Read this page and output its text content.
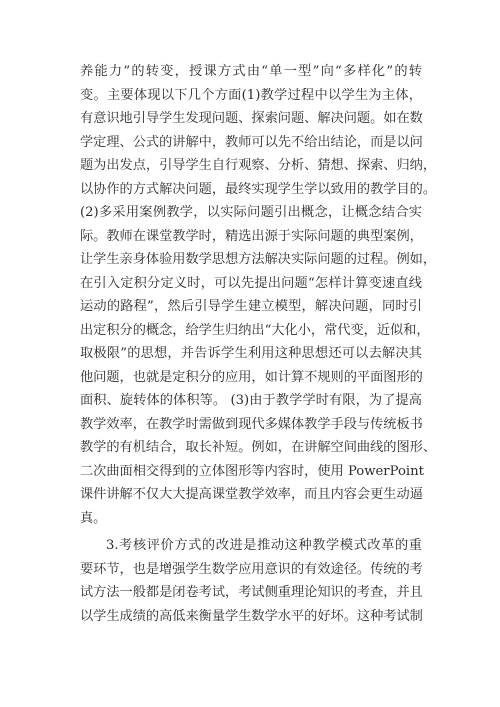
养能力”的转变，授课方式由“单一型”向“多样化”的转
变。主要体现以下几个方面(1)教学过程中以学生为主体，
有意识地引导学生发现问题、探索问题、解决问题。如在数
学定理、公式的讲解中，教师可以先不给出结论，而是以问
题为出发点，引导学生自行观察、分析、猜想、探索、归纳，
以协作的方式解决问题，最终实现学生学以致用的教学目的。
(2)多采用案例教学，以实际问题引出概念，让概念结合实
际。教师在课堂教学时，精选出源于实际问题的典型案例，
让学生亲身体验用数学思想方法解决实际问题的过程。例如，
在引入定积分定义时，可以先提出问题“怎样计算变速直线
运动的路程”，然后引导学生建立模型，解决问题，同时引
出定积分的概念，给学生归纳出“大化小，常代变，近似和，
取极限”的思想，并告诉学生利用这种思想还可以去解决其
他问题，也就是定积分的应用，如计算不规则的平面图形的
面积、旋转体的体积等。 (3)由于教学学时有限，为了提高
教学效率，在教学时需做到现代多媒体教学手段与传统板书
教学的有机结合，取长补短。例如，在讲解空间曲线的图形、
二次曲面相交得到的立体图形等内容时，使用 PowerPoint
课件讲解不仅大大提高课堂教学效率，而且内容会更生动逼
真。
3.考核评价方式的改进是推动这种教学模式改革的重
要环节，也是增强学生数学应用意识的有效途径。传统的考
试方法一般都是闭卷考试，考试侧重理论知识的考查，并且
以学生成绩的高低来衡量学生数学水平的好坏。这种考试制
